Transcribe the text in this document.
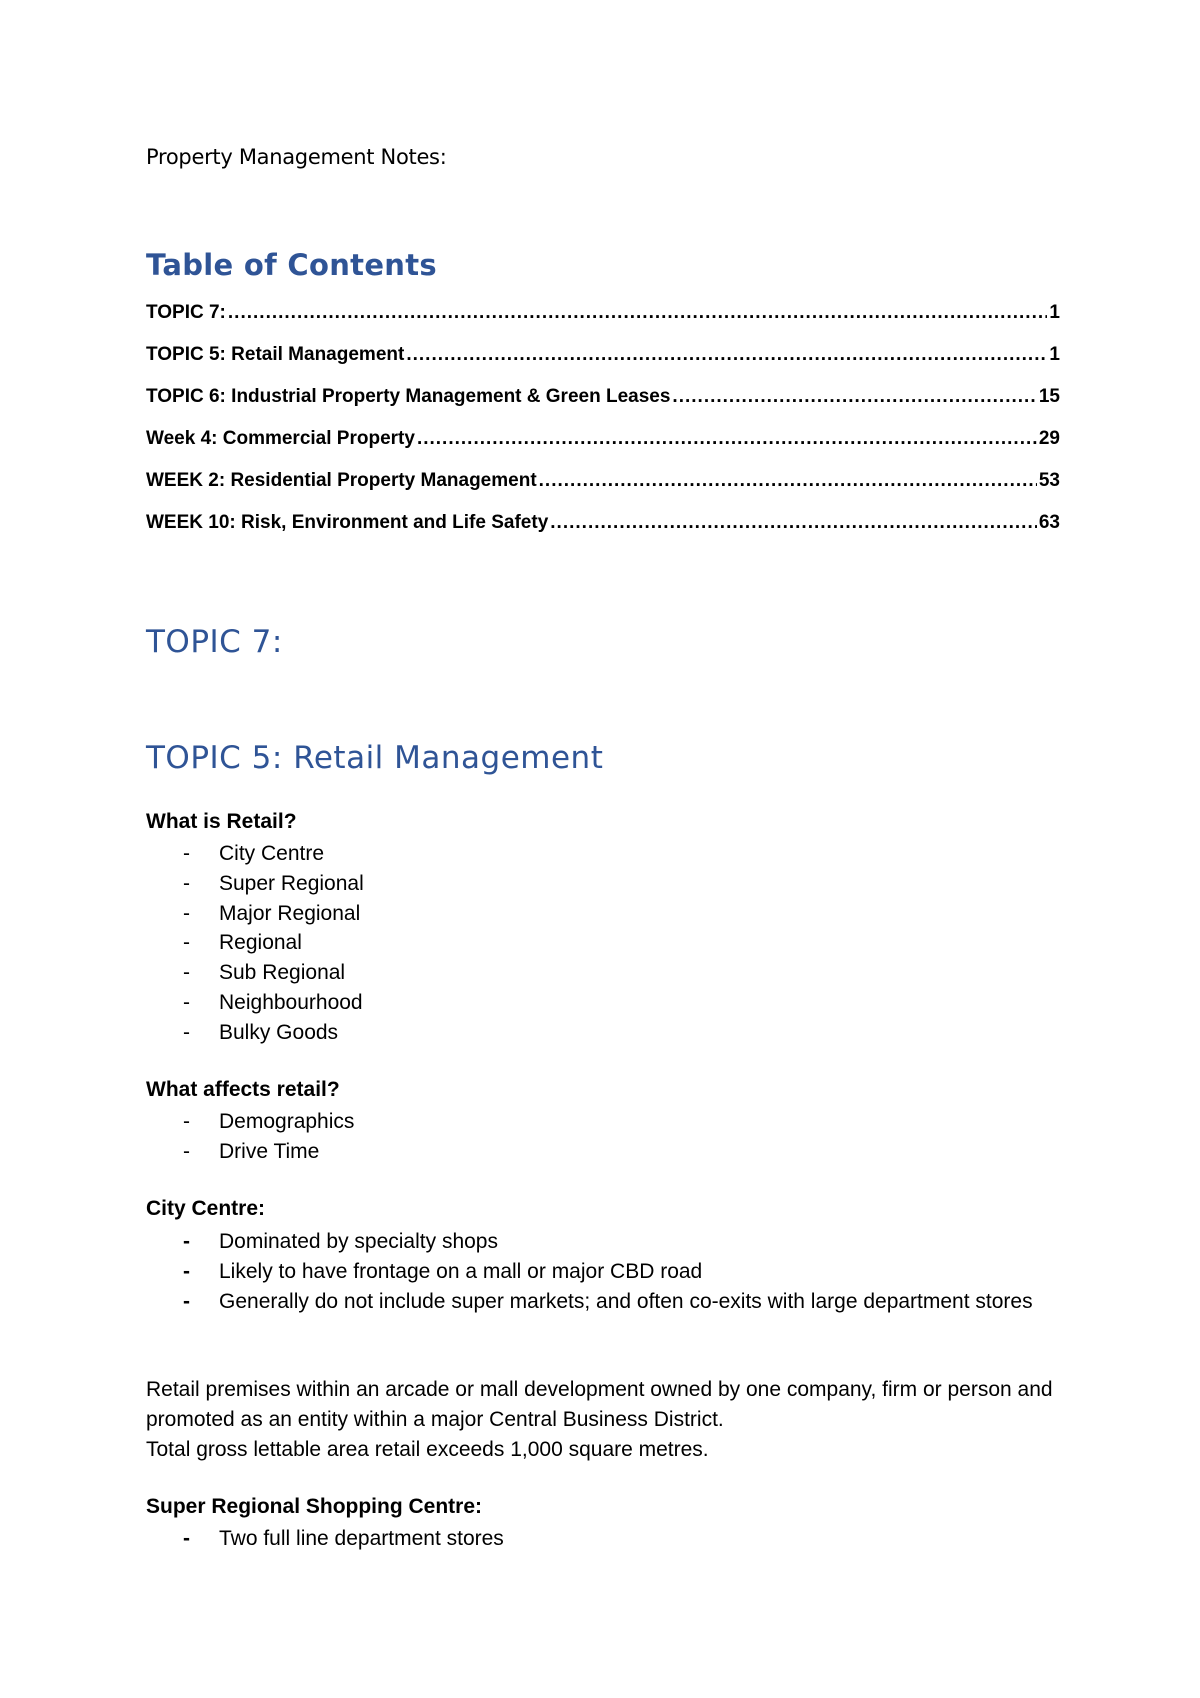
Property Management Notes:
Table of Contents
TOPIC 7: .....	1
TOPIC 5: Retail Management .....	1
TOPIC 6: Industrial Property Management & Green Leases .....	15
Week 4: Commercial Property .....	29
WEEK 2: Residential Property Management .....	53
WEEK 10: Risk, Environment and Life Safety .....	63
TOPIC 7:
TOPIC 5: Retail Management
What is Retail?
- City Centre
- Super Regional
- Major Regional
- Regional
- Sub Regional
- Neighbourhood
- Bulky Goods
What affects retail?
- Demographics
- Drive Time
City Centre:
- Dominated by specialty shops
- Likely to have frontage on a mall or major CBD road
- Generally do not include super markets; and often co-exits with large department stores
Retail premises within an arcade or mall development owned by one company, firm or person and promoted as an entity within a major Central Business District.
Total gross lettable area retail exceeds 1,000 square metres.
Super Regional Shopping Centre:
- Two full line department stores
